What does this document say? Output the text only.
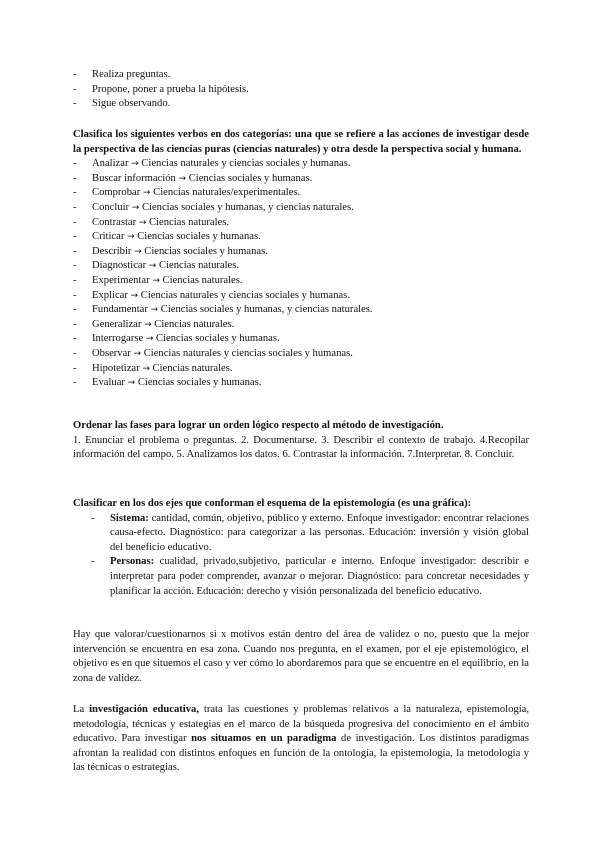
- Realiza preguntas.
- Propone, poner a prueba la hipótesis.
- Sigue observando.
Clasifica los siguientes verbos en dos categorías: una que se refiere a las acciones de investigar desde la perspectiva de las ciencias puras (ciencias naturales) y otra desde la perspectiva social y humana.
- Analizar → Ciencias naturales y ciencias sociales y humanas.
- Buscar información → Ciencias sociales y humanas.
- Comprobar → Ciencias naturales/experimentales.
- Concluir → Ciencias sociales y humanas, y ciencias naturales.
- Contrastar → Ciencias naturales.
- Criticar → Ciencias sociales y humanas.
- Describir → Ciencias sociales y humanas.
- Diagnosticar → Ciencias naturales.
- Experimentar → Ciencias naturales.
- Explicar → Ciencias naturales y ciencias sociales y humanas.
- Fundamentar → Ciencias sociales y humanas, y ciencias naturales.
- Generalizar → Ciencias naturales.
- Interrogarse → Ciencias sociales y humanas.
- Observar → Ciencias naturales y ciencias sociales y humanas.
- Hipotetizar → Ciencias naturales.
- Evaluar → Ciencias sociales y humanas.
Ordenar las fases para lograr un orden lógico respecto al método de investigación.
1. Enunciar el problema o preguntas. 2. Documentarse. 3. Describir el contexto de trabajo. 4.Recopilar información del campo. 5. Analizamos los datos. 6. Contrastar la información. 7.Interpretar. 8. Concluir.
Clasificar en los dos ejes que conforman el esquema de la epistemología (es una gráfica):
- Sistema: cantidad, común, objetivo, público y externo. Enfoque investigador: encontrar relaciones causa-efecto. Diagnóstico: para categorizar a las personas. Educación: inversión y visión global del beneficio educativo.
- Personas: cualidad, privado,subjetivo, particular e interno. Enfoque investigador: describir e interpretar para poder comprender, avanzar o mejorar. Diagnóstico: para concretar necesidades y planificar la acción. Educación: derecho y visión personalizada del beneficio educativo.
Hay que valorar/cuestionarnos si x motivos están dentro del área de validez o no, puesto que la mejor intervención se encuentra en esa zona. Cuando nos pregunta, en el examen, por el eje epistemológico, el objetivo es en que situemos el caso y ver cómo lo abordaremos para que se encuentre en el equilibrio, en la zona de validez.
La investigación educativa, trata las cuestiones y problemas relativos a la naturaleza, epistemología, metodología, técnicas y estategias en el marco de la búsqueda progresiva del conocimiento en el ámbito educativo. Para investigar nos situamos en un paradigma de investigación. Los distintos paradigmas afrontan la realidad con distintos enfoques en función de la ontología, la epistemología, la metodología y las técnicas o estrategias.
